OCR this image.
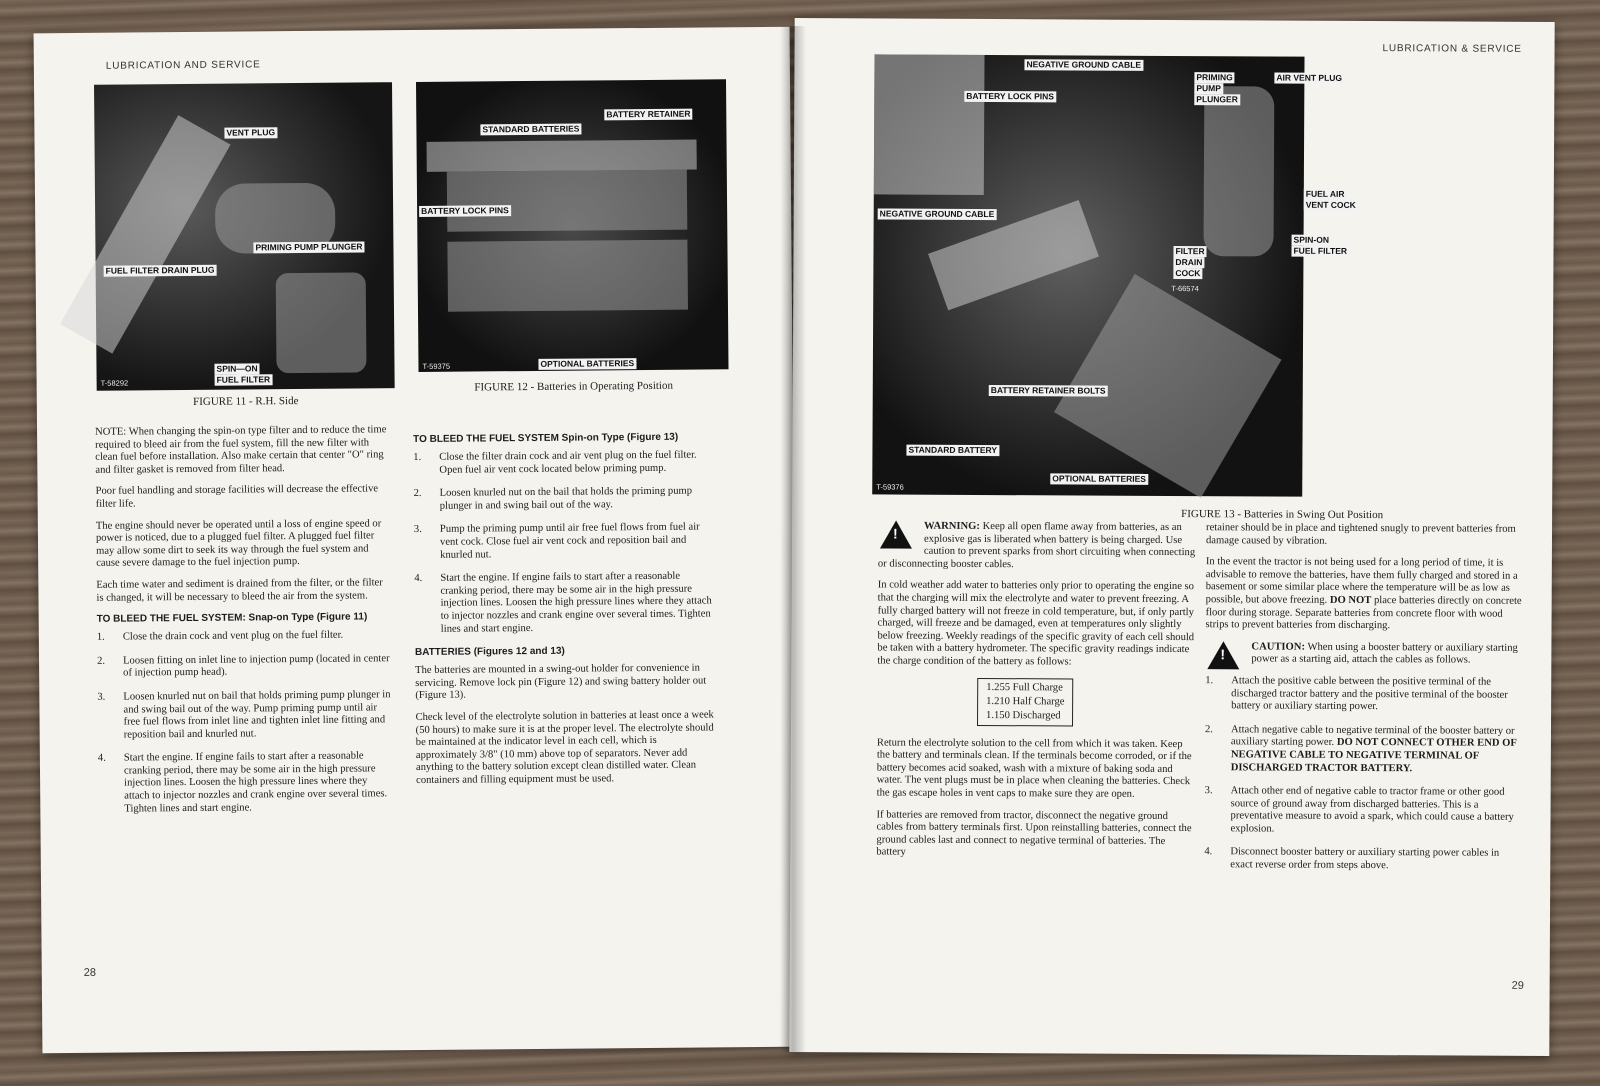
LUBRICATION AND SERVICE
VENT PLUG
PRIMING PUMP PLUNGER
FUEL FILTER DRAIN PLUG
SPIN—ON
FUEL FILTER
T-58292
FIGURE 11 - R.H. Side
STANDARD BATTERIES
BATTERY RETAINER
BATTERY LOCK PINS
OPTIONAL BATTERIES
T-59375
FIGURE 12 - Batteries in Operating Position

NOTE: When changing the spin-on type filter and to reduce the time required to bleed air from the fuel system, fill the new filter with clean fuel before installation. Also make certain that center "O" ring and filter gasket is removed from filter head.

Poor fuel handling and storage facilities will decrease the effective filter life.

The engine should never be operated until a loss of engine speed or power is noticed, due to a plugged fuel filter. A plugged fuel filter may allow some dirt to seek its way through the fuel system and cause severe damage to the fuel injection pump.

Each time water and sediment is drained from the filter, or the filter is changed, it will be necessary to bleed the air from the system.

TO BLEED THE FUEL SYSTEM: Snap-on Type (Figure 11)
1. Close the drain cock and vent plug on the fuel filter.
2. Loosen fitting on inlet line to injection pump (located in center of injection pump head).
3. Loosen knurled nut on bail that holds priming pump plunger in and swing bail out of the way. Pump priming pump until air free fuel flows from inlet line and tighten inlet line fitting and reposition bail and knurled nut.
4. Start the engine. If engine fails to start after a reasonable cranking period, there may be some air in the high pressure injection lines. Loosen the high pressure lines where they attach to injector nozzles and crank engine over several times. Tighten lines and start engine.
TO BLEED THE FUEL SYSTEM Spin-on Type (Figure 13)
1. Close the filter drain cock and air vent plug on the fuel filter. Open fuel air vent cock located below priming pump.
2. Loosen knurled nut on the bail that holds the priming pump plunger in and swing bail out of the way.
3. Pump the priming pump until air free fuel flows from fuel air vent cock. Close fuel air vent cock and reposition bail and knurled nut.
4. Start the engine. If engine fails to start after a reasonable cranking period, there may be some air in the high pressure injection lines. Loosen the high pressure lines where they attach to injector nozzles and crank engine over several times. Tighten lines and start engine.
BATTERIES (Figures 12 and 13)

The batteries are mounted in a swing-out holder for convenience in servicing. Remove lock pin (Figure 12) and swing battery holder out (Figure 13).

Check level of the electrolyte solution in batteries at least once a week (50 hours) to make sure it is at the proper level. The electrolyte should be maintained at the indicator level in each cell, which is approximately 3/8" (10 mm) above top of separators. Never add anything to the battery solution except clean distilled water. Clean containers and filling equipment must be used.

28
LUBRICATION & SERVICE
NEGATIVE GROUND CABLE
BATTERY LOCK PINS
PRIMING
PUMP
PLUNGER
AIR VENT PLUG
NEGATIVE GROUND CABLE
FUEL AIR
VENT COCK
SPIN-ON
FUEL FILTER
FILTER
DRAIN
COCK
T-66574
BATTERY RETAINER BOLTS
STANDARD BATTERY
OPTIONAL BATTERIES
T-59376
FIGURE 13 - Batteries in Swing Out Position

! WARNING: Keep all open flame away from batteries, as an explosive gas is liberated when battery is being charged. Use caution to prevent sparks from short circuiting when connecting or disconnecting booster cables.

In cold weather add water to batteries only prior to operating the engine so that the charging will mix the electrolyte and water to prevent freezing. A fully charged battery will not freeze in cold temperature, but, if only partly charged, will freeze and be damaged, even at temperatures only slightly below freezing. Weekly readings of the specific gravity of each cell should be taken with a battery hydrometer. The specific gravity readings indicate the charge condition of the battery as follows:

1.255 Full Charge
1.210 Half Charge
1.150 Discharged

Return the electrolyte solution to the cell from which it was taken. Keep the battery and terminals clean. If the terminals become corroded, or if the battery becomes acid soaked, wash with a mixture of baking soda and water. The vent plugs must be in place when cleaning the batteries. Check the gas escape holes in vent caps to make sure they are open.

If batteries are removed from tractor, disconnect the negative ground cables from battery terminals first. Upon reinstalling batteries, connect the ground cables last and connect to negative terminal of batteries. The battery

retainer should be in place and tightened snugly to prevent batteries from damage caused by vibration.

In the event the tractor is not being used for a long period of time, it is advisable to remove the batteries, have them fully charged and stored in a basement or some similar place where the temperature will be as low as possible, but above freezing. DO NOT place batteries directly on concrete floor during storage. Separate batteries from concrete floor with wood strips to prevent batteries from discharging.

! CAUTION: When using a booster battery or auxiliary starting power as a starting aid, attach the cables as follows.

1. Attach the positive cable between the positive terminal of the discharged tractor battery and the positive terminal of the booster battery or auxiliary starting power.
2. Attach negative cable to negative terminal of the booster battery or auxiliary starting power. DO NOT CONNECT OTHER END OF NEGATIVE CABLE TO NEGATIVE TERMINAL OF DISCHARGED TRACTOR BATTERY.
3. Attach other end of negative cable to tractor frame or other good source of ground away from discharged batteries. This is a preventative measure to avoid a spark, which could cause a battery explosion.
4. Disconnect booster battery or auxiliary starting power cables in exact reverse order from steps above.
29
